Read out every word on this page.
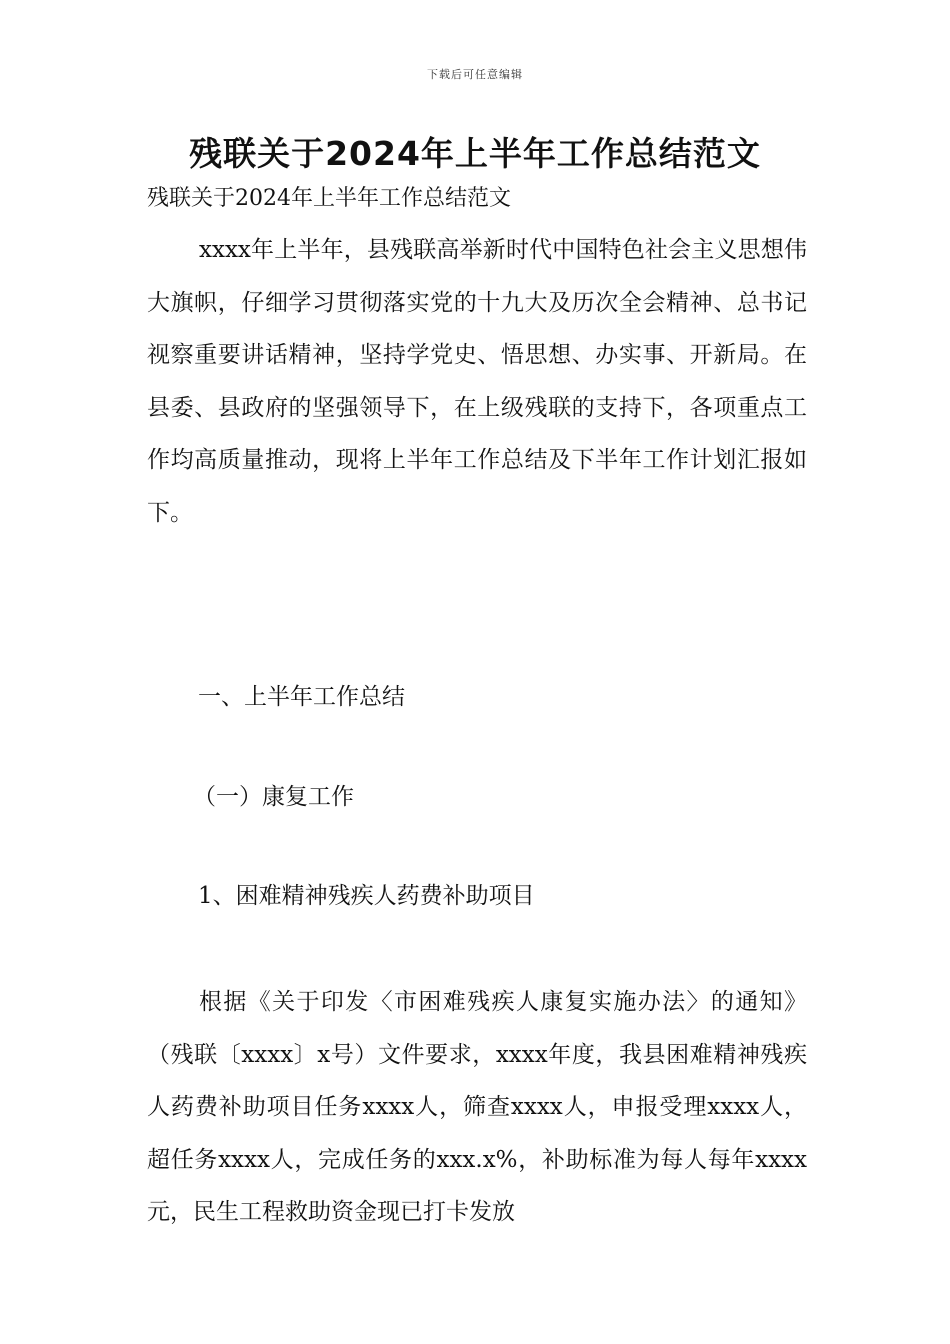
下载后可任意编辑
残联关于2024年上半年工作总结范文
残联关于2024年上半年工作总结范文
xxxx年上半年，县残联高举新时代中国特色社会主义思想伟大旗帜，仔细学习贯彻落实党的十九大及历次全会精神、总书记视察重要讲话精神，坚持学党史、悟思想、办实事、开新局。在县委、县政府的坚强领导下，在上级残联的支持下，各项重点工作均高质量推动，现将上半年工作总结及下半年工作计划汇报如下。
一、上半年工作总结
（一）康复工作
1、困难精神残疾人药费补助项目
根据《关于印发〈市困难残疾人康复实施办法〉的通知》（残联〔xxxx〕x号）文件要求，xxxx年度，我县困难精神残疾人药费补助项目任务xxxx人，筛查xxxx人，申报受理xxxx人，超任务xxxx人，完成任务的xxx.x%，补助标准为每人每年xxxx元，民生工程救助资金现已打卡发放
